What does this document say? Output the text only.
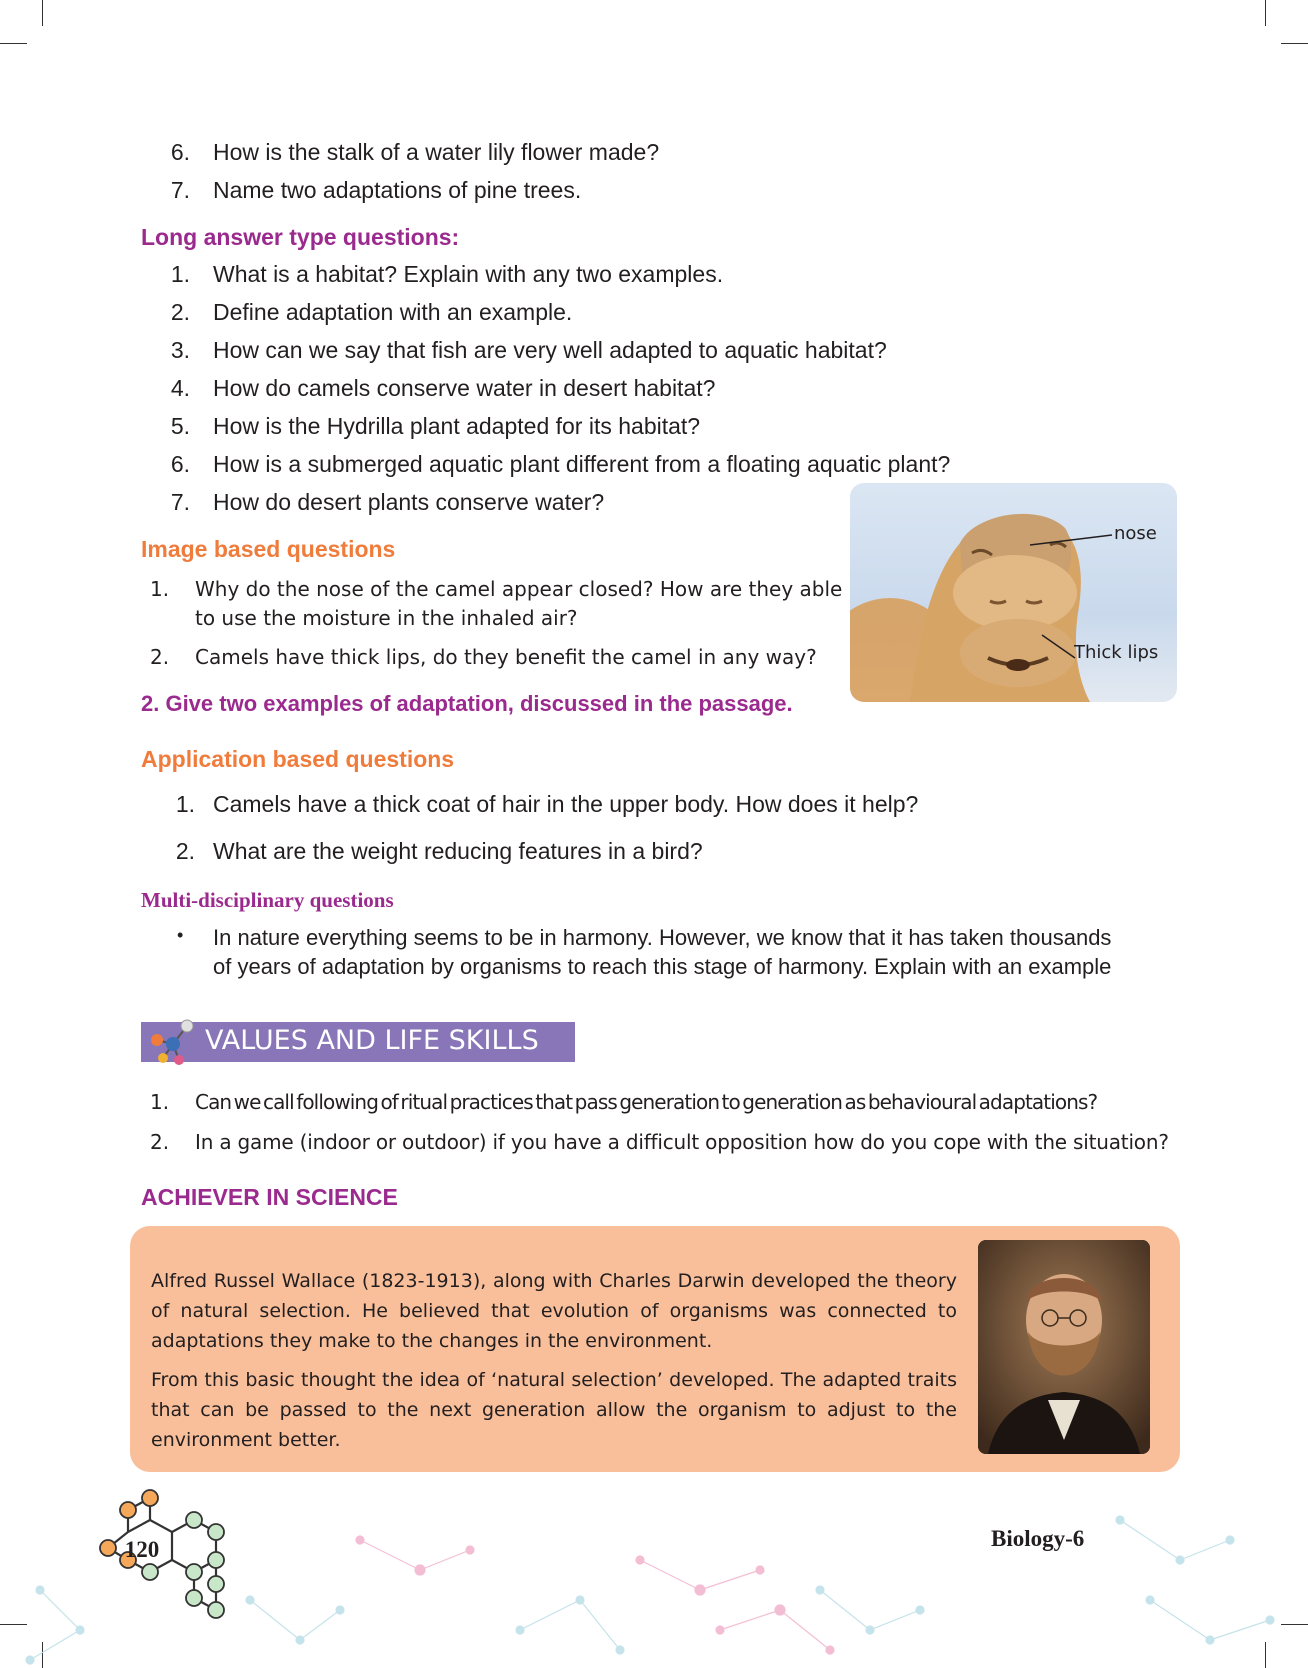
6. How is the stalk of a water lily flower made?
7. Name two adaptations of pine trees.
Long answer type questions:
1. What is a habitat? Explain with any two examples.
2. Define adaptation with an example.
3. How can we say that fish are very well adapted to aquatic habitat?
4. How do camels conserve water in desert habitat?
5. How is the Hydrilla plant adapted for its habitat?
6. How is a submerged aquatic plant different from a floating aquatic plant?
7. How do desert plants conserve water?
Image based questions
1. Why do the nose of the camel appear closed? How are they able
to use the moisture in the inhaled air?
2. Camels have thick lips, do they benefit the camel in any way?
2. Give two examples of adaptation, discussed in the passage.
nose
Thick lips
Application based questions
1. Camels have a thick coat of hair in the upper body. How does it help?
2. What are the weight reducing features in a bird?
Multi-disciplinary questions
• In nature everything seems to be in harmony. However, we know that it has taken thousands
of years of adaptation by organisms to reach this stage of harmony. Explain with an example
VALUES AND LIFE SKILLS
1. Can we call following of ritual practices that pass generation to generation as behavioural adaptations?
2. In a game (indoor or outdoor) if you have a difficult opposition how do you cope with the situation?
ACHIEVER IN SCIENCE

Alfred Russel Wallace (1823-1913), along with Charles Darwin developed the theory of natural selection. He believed that evolution of organisms was connected to adaptations they make to the changes in the environment.

From this basic thought the idea of ‘natural selection’ developed. The adapted traits that can be passed to the next generation allow the organism to adjust to the environment better.

120	Biology-6
